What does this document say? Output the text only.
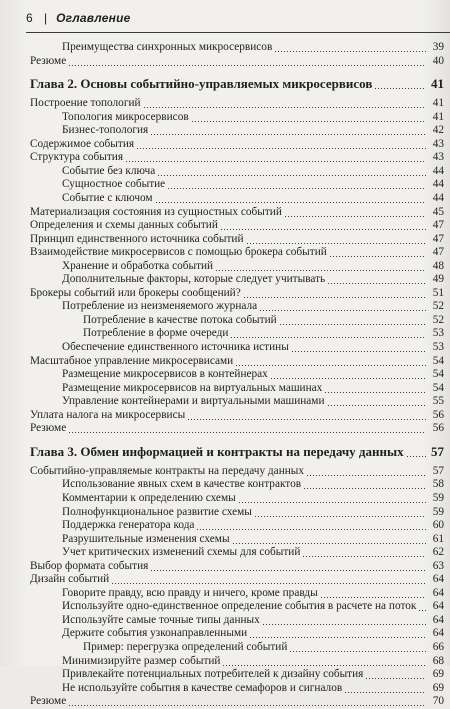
6 | Оглавление
Преимущества синхронных микросервисов	39
Резюме	40
Глава 2. Основы событийно-управляемых микросервисов	41
Построение топологий	41
Топология микросервисов	41
Бизнес-топология	42
Содержимое события	43
Структура события	43
Событие без ключа	44
Сущностное событие	44
Событие с ключом	44
Материализация состояния из сущностных событий	45
Определения и схемы данных событий	47
Принцип единственного источника событий	47
Взаимодействие микросервисов с помощью брокера событий	47
Хранение и обработка событий	48
Дополнительные факторы, которые следует учитывать	49
Брокеры событий или брокеры сообщений?	51
Потребление из неизменяемого журнала	52
Потребление в качестве потока событий	52
Потребление в форме очереди	53
Обеспечение единственного источника истины	53
Масштабное управление микросервисами	54
Размещение микросервисов в контейнерах	54
Размещение микросервисов на виртуальных машинах	54
Управление контейнерами и виртуальными машинами	55
Уплата налога на микросервисы	56
Резюме	56
Глава 3. Обмен информацией и контракты на передачу данных 57
Событийно-управляемые контракты на передачу данных	57
Использование явных схем в качестве контрактов	58
Комментарии к определению схемы	59
Полнофункциональное развитие схемы	59
Поддержка генератора кода	60
Разрушительные изменения схемы	61
Учет критических изменений схемы для событий	62
Выбор формата события	63
Дизайн событий	64
Говорите правду, всю правду и ничего, кроме правды	64
Используйте одно-единственное определение события в расчете на поток 64
Используйте самые точные типы данных	64
Держите события узконаправленными	64
Пример: перегрузка определений событий	66
Минимизируйте размер событий	68
Привлекайте потенциальных потребителей к дизайну события	69
Не используйте события в качестве семафоров и сигналов	69
Резюме	70
